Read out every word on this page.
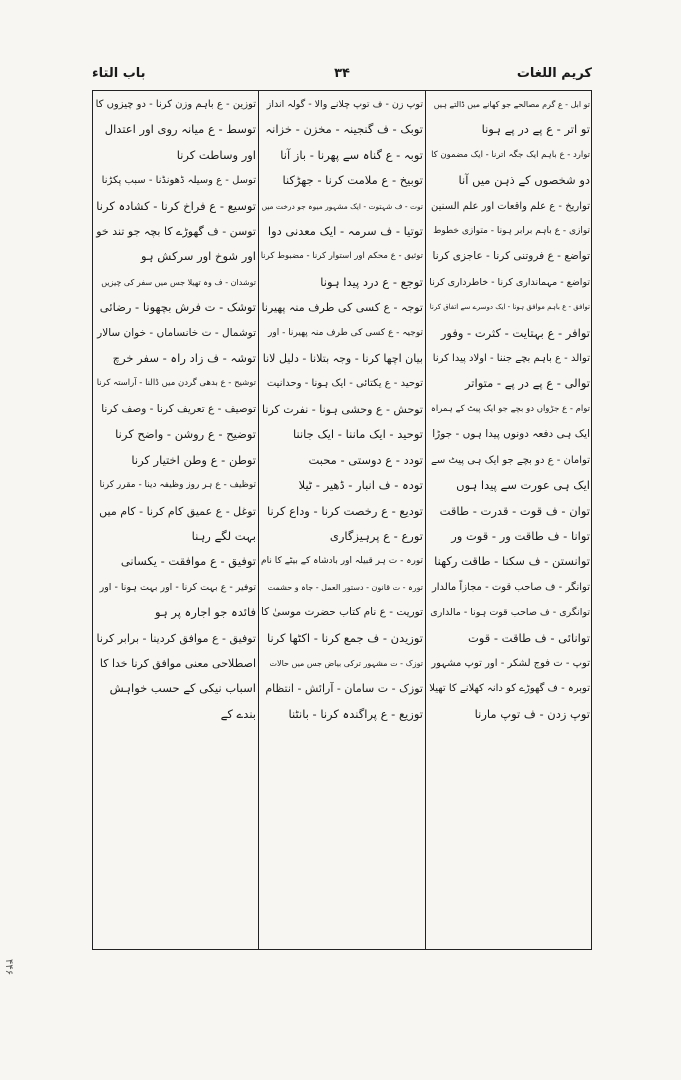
کریم اللغات
۳۴
باب التاء
تو ابل - ع گرم مصالحے جو کھانے میں ڈالتے ہیں
تو اتر - ع پے در پے ہونا
توارد - ع باہم ایک جگہ اترنا - ایک مضمون کا
دو شخصوں کے ذہن میں آنا
تواریخ - ع علم واقعات اور علم السنین
توازی - ع باہم برابر ہونا - متوازی خطوط
تواضع - ع فروتنی کرنا - عاجزی کرنا
تواضع - مہمانداری کرنا - خاطرداری کرنا
توافق - ع باہم موافق ہونا - ایک دوسرے سے اتفاق کرنا
توافر - ع بہتایت - کثرت - وفور
توالد - ع باہم بچے جننا - اولاد پیدا کرنا
توالی - ع پے در پے - متواتر
توام - ع جڑواں دو بچے جو ایک پیٹ کے ہمراہ
ایک ہی دفعہ دونوں پیدا ہوں - جوڑا
توامان - ع دو بچے جو ایک ہی پیٹ سے
ایک ہی عورت سے پیدا ہوں
توان - ف قوت - قدرت - طاقت
توانا - ف طاقت ور - قوت ور
توانستن - ف سکنا - طاقت رکھنا
توانگر - ف صاحب قوت - مجازاً مالدار
توانگری - ف صاحب قوت ہونا - مالداری
توانائی - ف طاقت - قوت
توپ - ت فوج لشکر - اور توپ مشہور
توبرہ - ف گھوڑے کو دانہ کھلانے کا تھیلا
توپ زدن - ف توپ مارنا
توپ زن - ف توپ چلانے والا - گولہ انداز
توبک - ف گنجینہ - مخزن - خزانہ
توبہ - ع گناہ سے پھرنا - باز آنا
توبیخ - ع ملامت کرنا - جھڑکنا
توت - ف شہتوت - ایک مشہور میوہ جو درخت میں
توتیا - ف سرمہ - ایک معدنی دوا
توثیق - ع محکم اور استوار کرنا - مضبوط کرنا
توجع - ع درد پیدا ہونا
توجہ - ع کسی کی طرف منہ پھیرنا
توجیہ - ع کسی کی طرف منہ پھیرنا - اور
بیان اچھا کرنا - وجہ بتلانا - دلیل لانا
توحید - ع یکتائی - ایک ہونا - وحدانیت
توحش - ع وحشی ہونا - نفرت کرنا
توحید - ایک ماننا - ایک جاننا
تودد - ع دوستی - محبت
تودہ - ف انبار - ڈھیر - ٹیلا
تودیع - ع رخصت کرنا - وداع کرنا
تورع - ع پرہیزگاری
تورہ - ت ہر قبیلہ اور بادشاہ کے بیٹے کا نام
تورہ - ت قانون - دستور العمل - جاہ و حشمت
توریت - ع نام کتاب حضرت موسیٰ کا
توزیدن - ف جمع کرنا - اکٹھا کرنا
توزک - ت مشہور ترکی بیاض جس میں حالات
توزک - ت سامان - آرائش - انتظام
توزیع - ع پراگندہ کرنا - بانٹنا
توزین - ع باہم وزن کرنا - دو چیزوں کا
توسط - ع میانہ روی اور اعتدال
اور وساطت کرنا
توسل - ع وسیلہ ڈھونڈنا - سبب پکڑنا
توسیع - ع فراخ کرنا - کشادہ کرنا
توسن - ف گھوڑے کا بچہ جو تند خو
اور شوخ اور سرکش ہو
توشدان - ف وہ تھیلا جس میں سفر کی چیزیں
توشک - ت فرش بچھونا - رضائی
توشمال - ت خانساماں - خوان سالار
توشہ - ف زاد راہ - سفر خرچ
توشیح - ع بدھی گردن میں ڈالنا - آراستہ کرنا
توصیف - ع تعریف کرنا - وصف کرنا
توضیح - ع روشن - واضح کرنا
توطن - ع وطن اختیار کرنا
توظیف - ع ہر روز وظیفہ دینا - مقرر کرنا
توغل - ع عمیق کام کرنا - کام میں
بہت لگے رہنا
توفیق - ع موافقت - یکسانی
توفیر - ع بہت کرنا - اور بہت ہونا - اور
فائدہ جو اجارہ پر ہو
توفیق - ع موافق کردینا - برابر کرنا
اصطلاحی معنی موافق کرنا خدا کا
اسباب نیکی کے حسب خواہش
بندے کے
۴۴۶
